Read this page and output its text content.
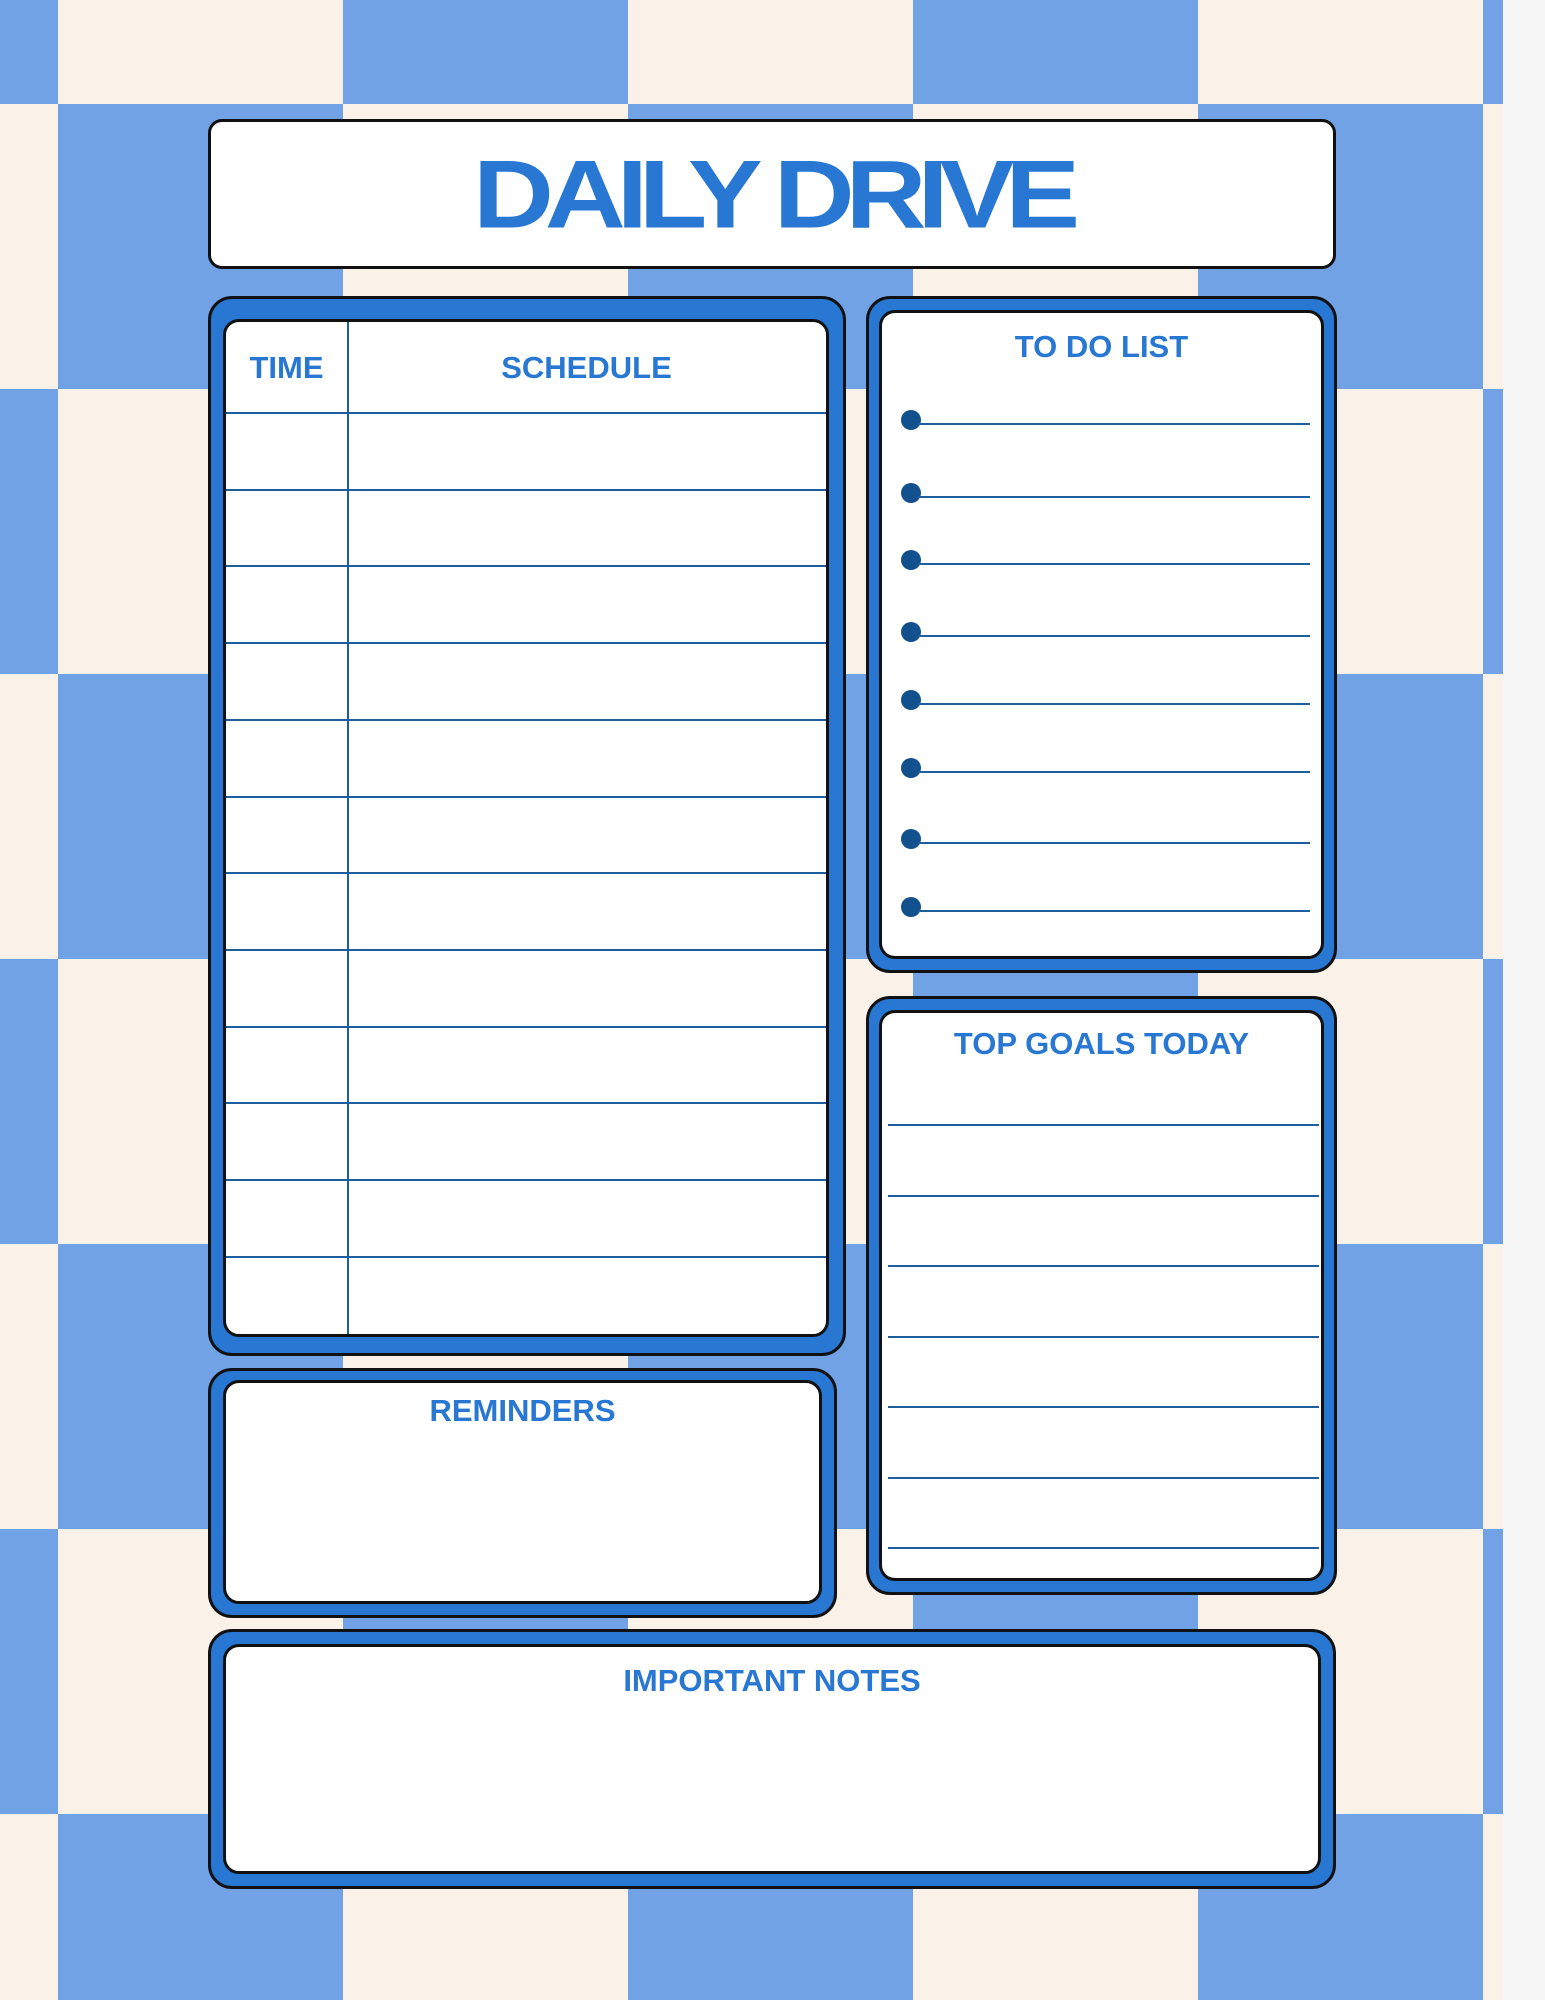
DAILY DRIVE
TIME	SCHEDULE
TO DO LIST
TOP GOALS TODAY
REMINDERS
IMPORTANT NOTES
